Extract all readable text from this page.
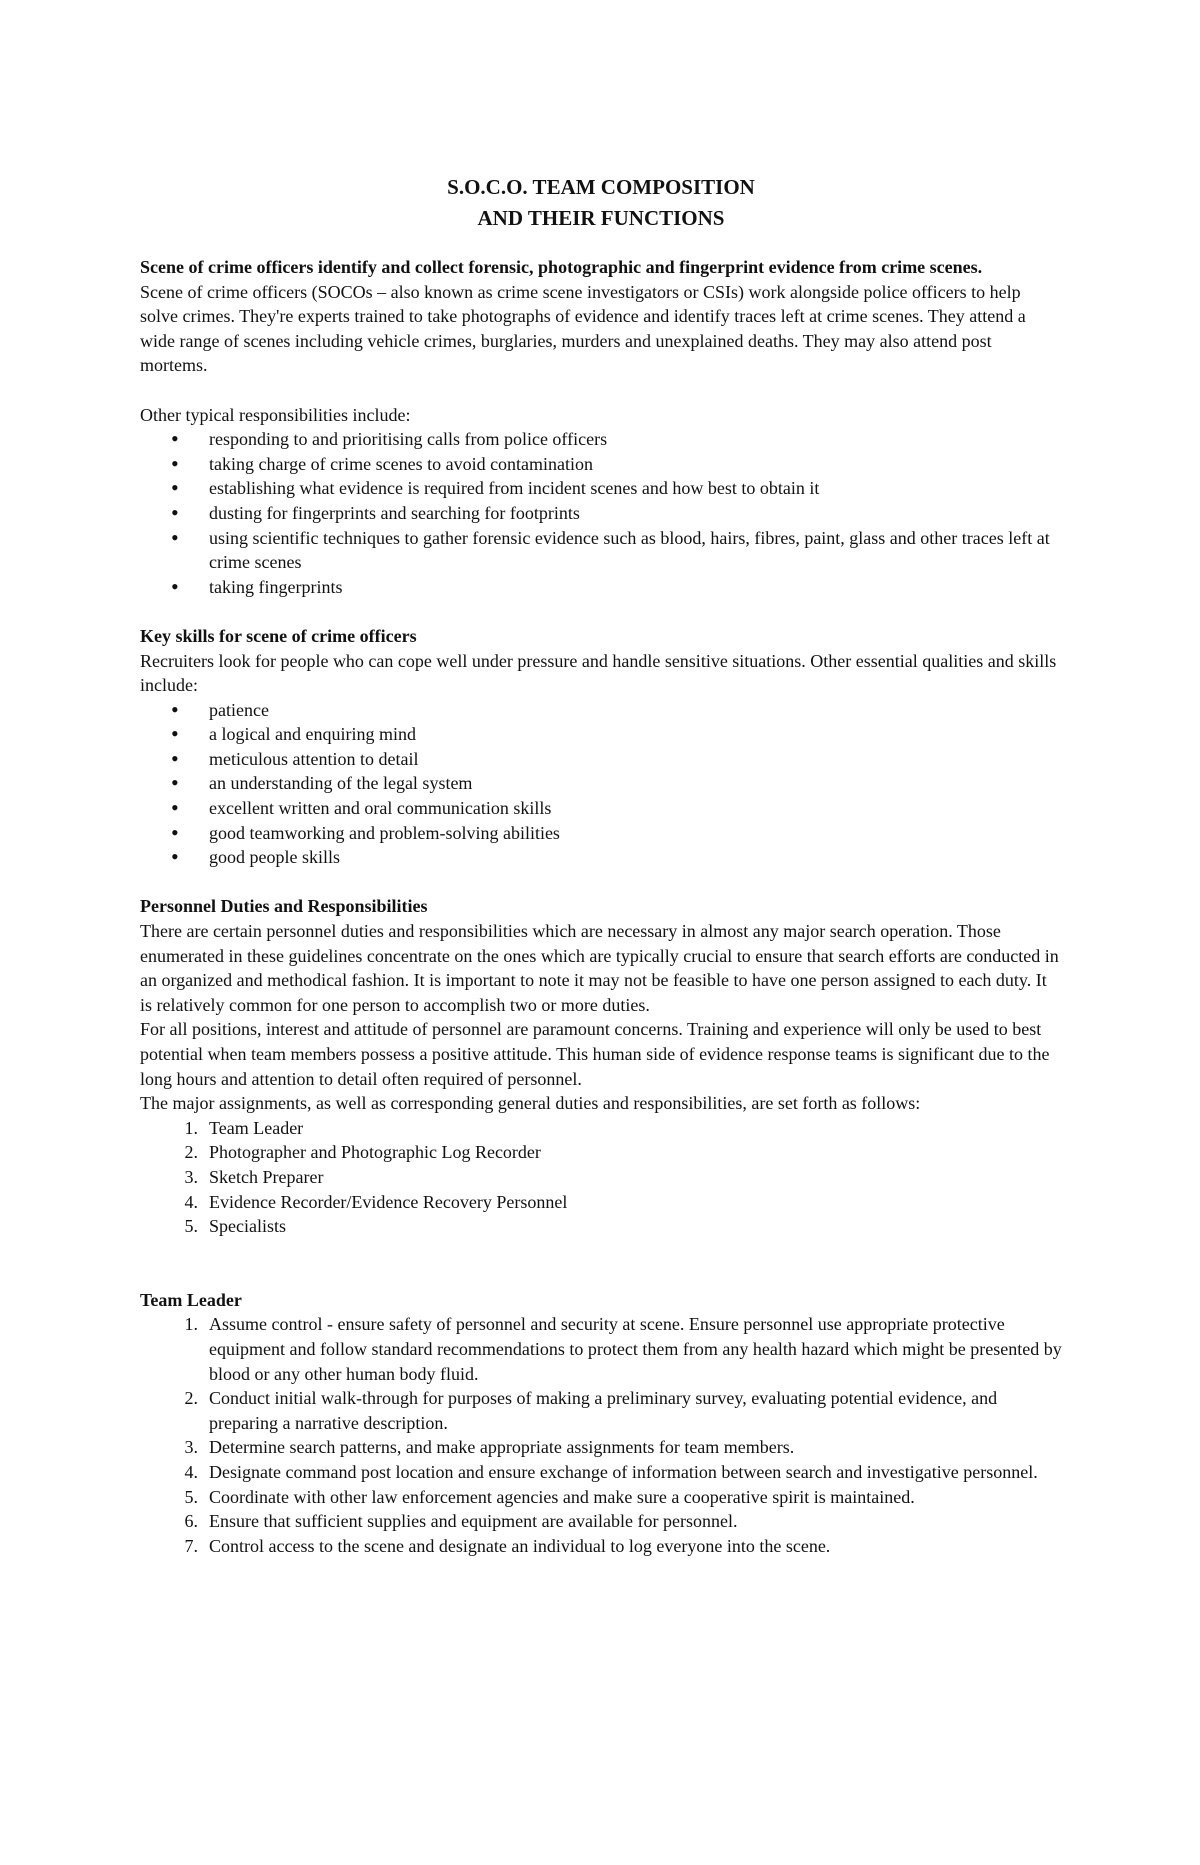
S.O.C.O. TEAM COMPOSITION
AND THEIR FUNCTIONS

Scene of crime officers identify and collect forensic, photographic and fingerprint evidence from crime scenes.

Scene of crime officers (SOCOs – also known as crime scene investigators or CSIs) work alongside police officers to help solve crimes. They're experts trained to take photographs of evidence and identify traces left at crime scenes. They attend a wide range of scenes including vehicle crimes, burglaries, murders and unexplained deaths. They may also attend post mortems.

Other typical responsibilities include:

• responding to and prioritising calls from police officers
• taking charge of crime scenes to avoid contamination
• establishing what evidence is required from incident scenes and how best to obtain it
• dusting for fingerprints and searching for footprints
• using scientific techniques to gather forensic evidence such as blood, hairs, fibres, paint, glass and other traces left at crime scenes
• taking fingerprints

Key skills for scene of crime officers

Recruiters look for people who can cope well under pressure and handle sensitive situations. Other essential qualities and skills include:

• patience
• a logical and enquiring mind
• meticulous attention to detail
• an understanding of the legal system
• excellent written and oral communication skills
• good teamworking and problem-solving abilities
• good people skills

Personnel Duties and Responsibilities

There are certain personnel duties and responsibilities which are necessary in almost any major search operation. Those enumerated in these guidelines concentrate on the ones which are typically crucial to ensure that search efforts are conducted in an organized and methodical fashion. It is important to note it may not be feasible to have one person assigned to each duty. It is relatively common for one person to accomplish two or more duties.

For all positions, interest and attitude of personnel are paramount concerns. Training and experience will only be used to best potential when team members possess a positive attitude. This human side of evidence response teams is significant due to the long hours and attention to detail often required of personnel.

The major assignments, as well as corresponding general duties and responsibilities, are set forth as follows:

1. Team Leader
2. Photographer and Photographic Log Recorder
3. Sketch Preparer
4. Evidence Recorder/Evidence Recovery Personnel
5. Specialists

Team Leader

1. Assume control - ensure safety of personnel and security at scene. Ensure personnel use appropriate protective equipment and follow standard recommendations to protect them from any health hazard which might be presented by blood or any other human body fluid.
2. Conduct initial walk-through for purposes of making a preliminary survey, evaluating potential evidence, and preparing a narrative description.
3. Determine search patterns, and make appropriate assignments for team members.
4. Designate command post location and ensure exchange of information between search and investigative personnel.
5. Coordinate with other law enforcement agencies and make sure a cooperative spirit is maintained.
6. Ensure that sufficient supplies and equipment are available for personnel.
7. Control access to the scene and designate an individual to log everyone into the scene.
